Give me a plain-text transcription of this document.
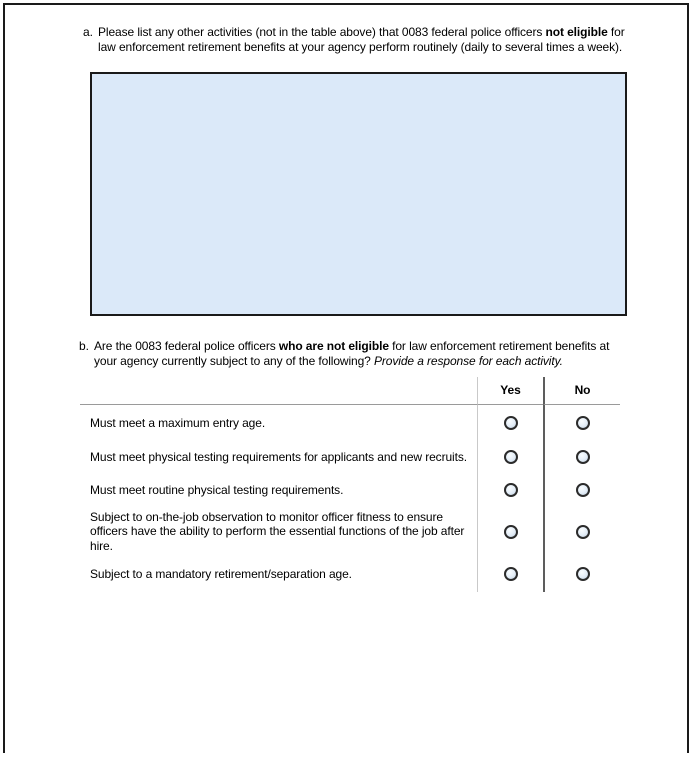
a. Please list any other activities (not in the table above) that 0083 federal police officers not eligible for law enforcement retirement benefits at your agency perform routinely (daily to several times a week).
b. Are the 0083 federal police officers who are not eligible for law enforcement retirement benefits at your agency currently subject to any of the following? Provide a response for each activity.
Yes	No
Must meet a maximum entry age.
Must meet physical testing requirements for applicants and new recruits.
Must meet routine physical testing requirements.
Subject to on-the-job observation to monitor officer fitness to ensure officers have the ability to perform the essential functions of the job after hire.
Subject to a mandatory retirement/separation age.
